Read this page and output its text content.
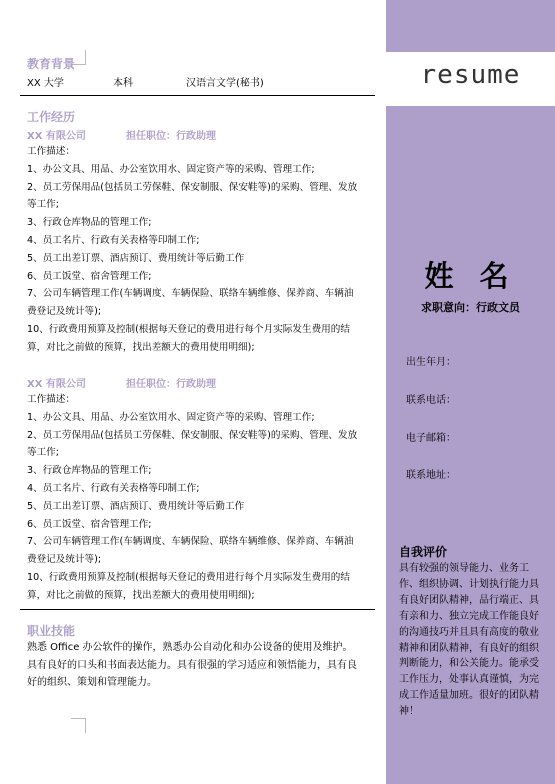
resume
姓 名
求职意向：行政文员
出生年月：
联系电话：
电子邮箱：
联系地址：
自我评价
具有较强的领导能力、业务工作、组织协调、计划执行能力具有良好团队精神，品行端正、具有亲和力、独立完成工作能良好的沟通技巧并且具有高度的敬业精神和团队精神，有良好的组织判断能力，和公关能力。能承受工作压力，处事认真谨慎，为完成工作适量加班。很好的团队精神！
教育背景
XX 大学	本科	汉语言文学(秘书)
工作经历
XX 有限公司	担任职位：行政助理

工作描述：

1、办公文具、用品、办公室饮用水、固定资产等的采购、管理工作;

2、员工劳保用品(包括员工劳保鞋、保安制服、保安鞋等)的采购、管理、发放等工作;

3、行政仓库物品的管理工作;

4、员工名片、行政有关表格等印制工作;

5、员工出差订票、酒店预订、费用统计等后勤工作

6、员工饭堂、宿舍管理工作;

7、公司车辆管理工作(车辆调度、车辆保险、联络车辆维修、保养商、车辆油费登记及统计等);

10、行政费用预算及控制(根据每天登记的费用进行每个月实际发生费用的结算，对比之前做的预算，找出差额大的费用使用明细);

XX 有限公司	担任职位：行政助理

工作描述：

1、办公文具、用品、办公室饮用水、固定资产等的采购、管理工作;

2、员工劳保用品(包括员工劳保鞋、保安制服、保安鞋等)的采购、管理、发放等工作;

3、行政仓库物品的管理工作;

4、员工名片、行政有关表格等印制工作;

5、员工出差订票、酒店预订、费用统计等后勤工作

6、员工饭堂、宿舍管理工作;

7、公司车辆管理工作(车辆调度、车辆保险、联络车辆维修、保养商、车辆油费登记及统计等);

10、行政费用预算及控制(根据每天登记的费用进行每个月实际发生费用的结算，对比之前做的预算，找出差额大的费用使用明细);

职业技能
熟悉 Office 办公软件的操作，熟悉办公自动化和办公设备的使用及维护。具有良好的口头和书面表达能力。具有很强的学习适应和领悟能力，具有良好的组织、策划和管理能力。
